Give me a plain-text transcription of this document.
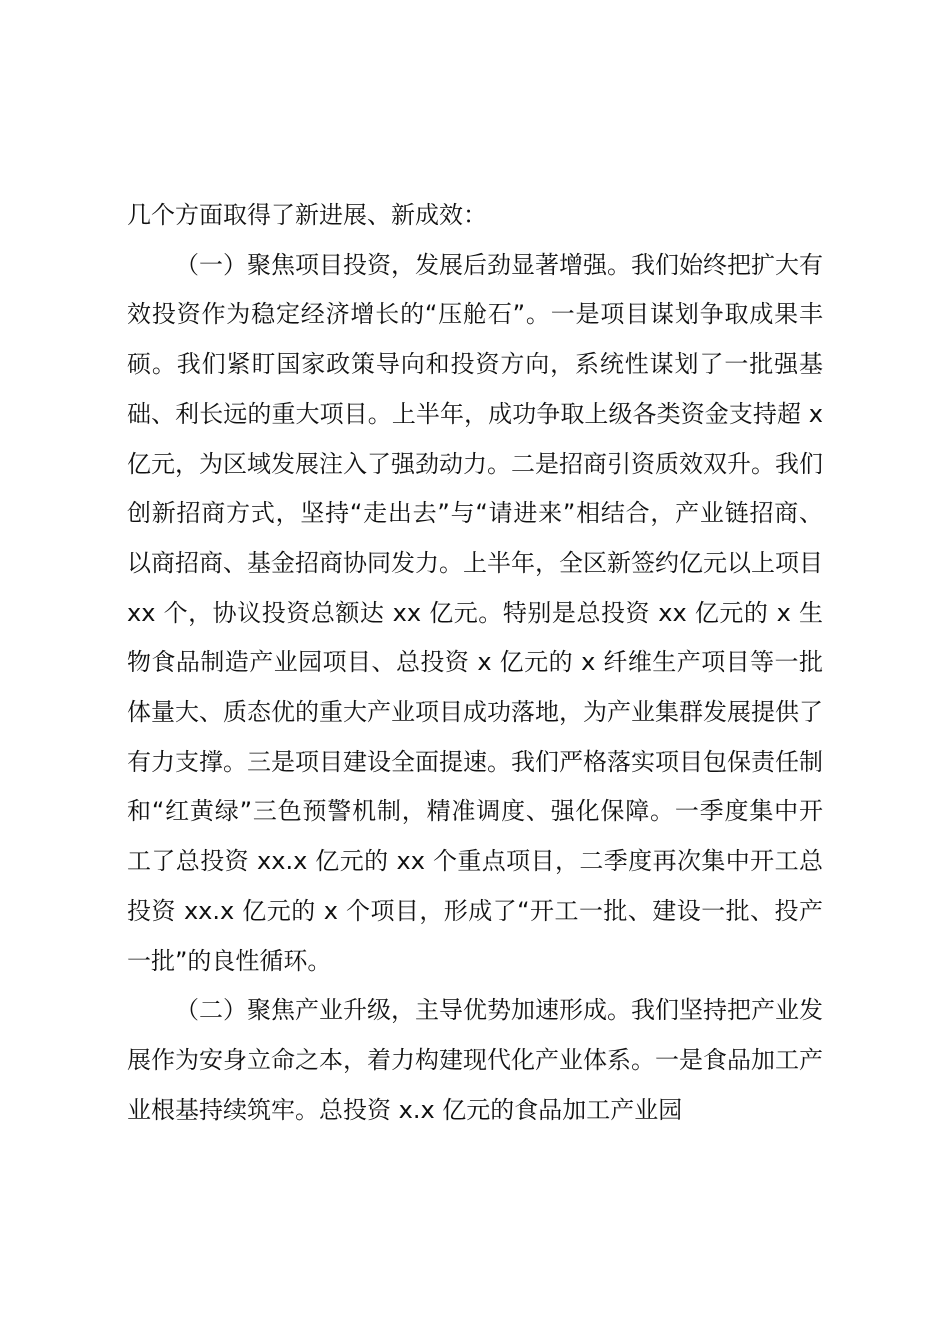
几个方面取得了新进展、新成效：

（一）聚焦项目投资，发展后劲显著增强。我们始终把扩大有效投资作为稳定经济增长的“压舱石”。一是项目谋划争取成果丰硕。我们紧盯国家政策导向和投资方向，系统性谋划了一批强基础、利长远的重大项目。上半年，成功争取上级各类资金支持超 x 亿元，为区域发展注入了强劲动力。二是招商引资质效双升。我们创新招商方式，坚持“走出去”与“请进来”相结合，产业链招商、以商招商、基金招商协同发力。上半年，全区新签约亿元以上项目 xx 个，协议投资总额达 xx 亿元。特别是总投资 xx 亿元的 x 生物食品制造产业园项目、总投资 x 亿元的 x 纤维生产项目等一批体量大、质态优的重大产业项目成功落地，为产业集群发展提供了有力支撑。三是项目建设全面提速。我们严格落实项目包保责任制和“红黄绿”三色预警机制，精准调度、强化保障。一季度集中开工了总投资 xx.x 亿元的 xx 个重点项目，二季度再次集中开工总投资 xx.x 亿元的 x 个项目，形成了“开工一批、建设一批、投产一批”的良性循环。

（二）聚焦产业升级，主导优势加速形成。我们坚持把产业发展作为安身立命之本，着力构建现代化产业体系。一是食品加工产业根基持续筑牢。总投资 x.x 亿元的食品加工产业园
